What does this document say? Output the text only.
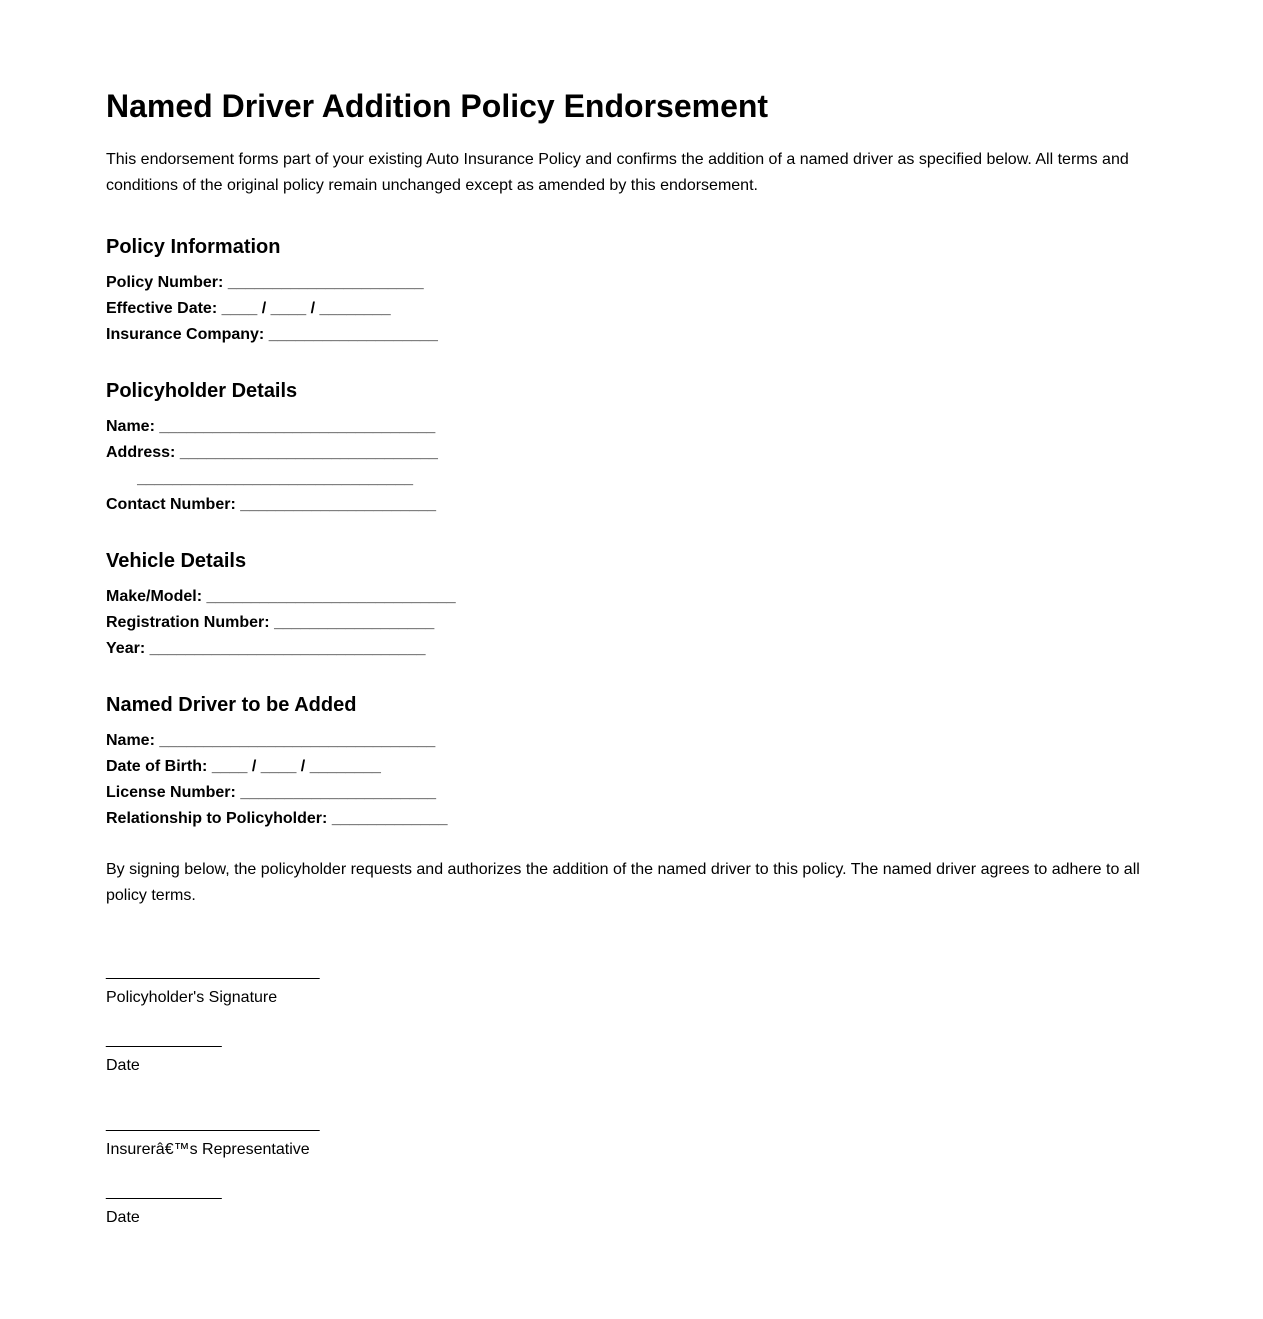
Named Driver Addition Policy Endorsement

This endorsement forms part of your existing Auto Insurance Policy and confirms the addition of a named driver as specified below. All terms and conditions of the original policy remain unchanged except as amended by this endorsement.

Policy Information
Policy Number: ______________________
Effective Date: ____ / ____ / ________
Insurance Company: ___________________
Policyholder Details
Name: _______________________________
Address: _____________________________
_______________________________
Contact Number: ______________________
Vehicle Details
Make/Model: ____________________________
Registration Number: __________________
Year: _______________________________
Named Driver to be Added
Name: _______________________________
Date of Birth: ____ / ____ / ________
License Number: ______________________
Relationship to Policyholder: _____________

By signing below, the policyholder requests and authorizes the addition of the named driver to this policy. The named driver agrees to adhere to all policy terms.

________________________
Policyholder's Signature
_____________
Date
________________________
Insurerâ€™s Representative
_____________
Date
